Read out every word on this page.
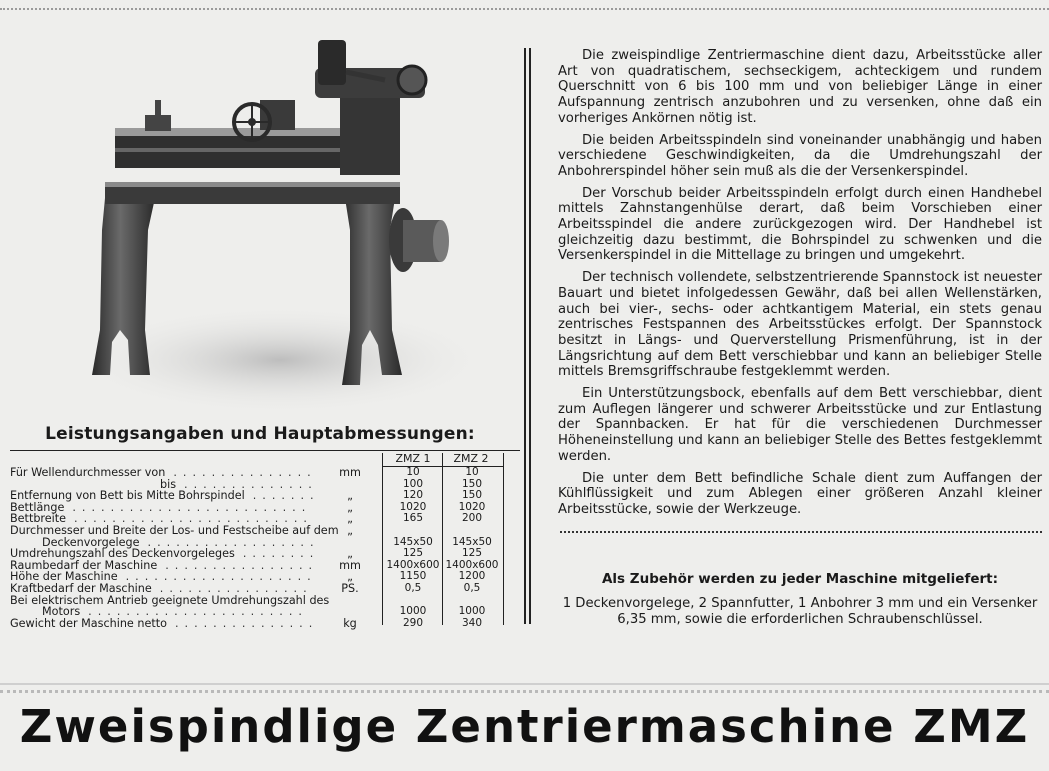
Leistungsangaben und Hauptabmessungen:
ZMZ 1	ZMZ 2
Für Wellendurchmesser von	mm	10	10
...............
bis	100	150
..............
Entfernung von Bett bis Mitte Bohrspindel	„	120	150
.......
Bettlänge	„	1020	1020
.........................
Bettbreite	„	165	200
.........................
Durchmesser und Breite der Los- und Festscheibe auf dem „
Deckenvorgelege	145x50	145x50
..................
Umdrehungszahl des Deckenvorgeleges	„	125	125
........
Raumbedarf der Maschine	mm	1400x600 1400x600
................
Höhe der Maschine	„	1150	1200
....................
Kraftbedarf der Maschine	PS.	0,5	0,5
................
Bei elektrischem Antrieb geeignete Umdrehungszahl des
Motors	1000	1000
.......................
Gewicht der Maschine netto	kg	290	340
...............

Die zweispindlige Zentriermaschine dient dazu, Arbeitsstücke aller Art von quadratischem, sechseckigem, achteckigem und rundem Querschnitt von 6 bis 100 mm und von beliebiger Länge in einer Aufspannung zentrisch anzubohren und zu versenken, ohne daß ein vorheriges Ankörnen nötig ist.

Die beiden Arbeitsspindeln sind voneinander unabhängig und haben verschiedene Geschwindigkeiten, da die Umdrehungszahl der Anbohrerspindel höher sein muß als die der Versenkerspindel.

Der Vorschub beider Arbeitsspindeln erfolgt durch einen Handhebel mittels Zahnstangenhülse derart, daß beim Vorschieben einer Arbeitsspindel die andere zurückgezogen wird. Der Handhebel ist gleichzeitig dazu bestimmt, die Bohrspindel zu schwenken und die Versenkerspindel in die Mittellage zu bringen und umgekehrt.

Der technisch vollendete, selbstzentrierende Spannstock ist neuester Bauart und bietet infolgedessen Gewähr, daß bei allen Wellenstärken, auch bei vier-, sechs- oder achtkantigem Material, ein stets genau zentrisches Festspannen des Arbeitsstückes erfolgt. Der Spannstock besitzt in Längs- und Querverstellung Prismenführung, ist in der Längsrichtung auf dem Bett verschiebbar und kann an beliebiger Stelle mittels Bremsgriffschraube festgeklemmt werden.

Ein Unterstützungsbock, ebenfalls auf dem Bett verschiebbar, dient zum Auflegen längerer und schwerer Arbeitsstücke und zur Entlastung der Spannbacken. Er hat für die verschiedenen Durchmesser Höheneinstellung und kann an beliebiger Stelle des Bettes festgeklemmt werden.

Die unter dem Bett befindliche Schale dient zum Auffangen der Kühlflüssigkeit und zum Ablegen einer größeren Anzahl kleiner Arbeitsstücke, sowie der Werkzeuge.

Als Zubehör werden zu jeder Maschine mitgeliefert:
1 Deckenvorgelege, 2 Spannfutter, 1 Anbohrer 3 mm und ein Versenker 6,35 mm, sowie die erforderlichen Schraubenschlüssel.
Zweispindlige Zentriermaschine ZMZ
